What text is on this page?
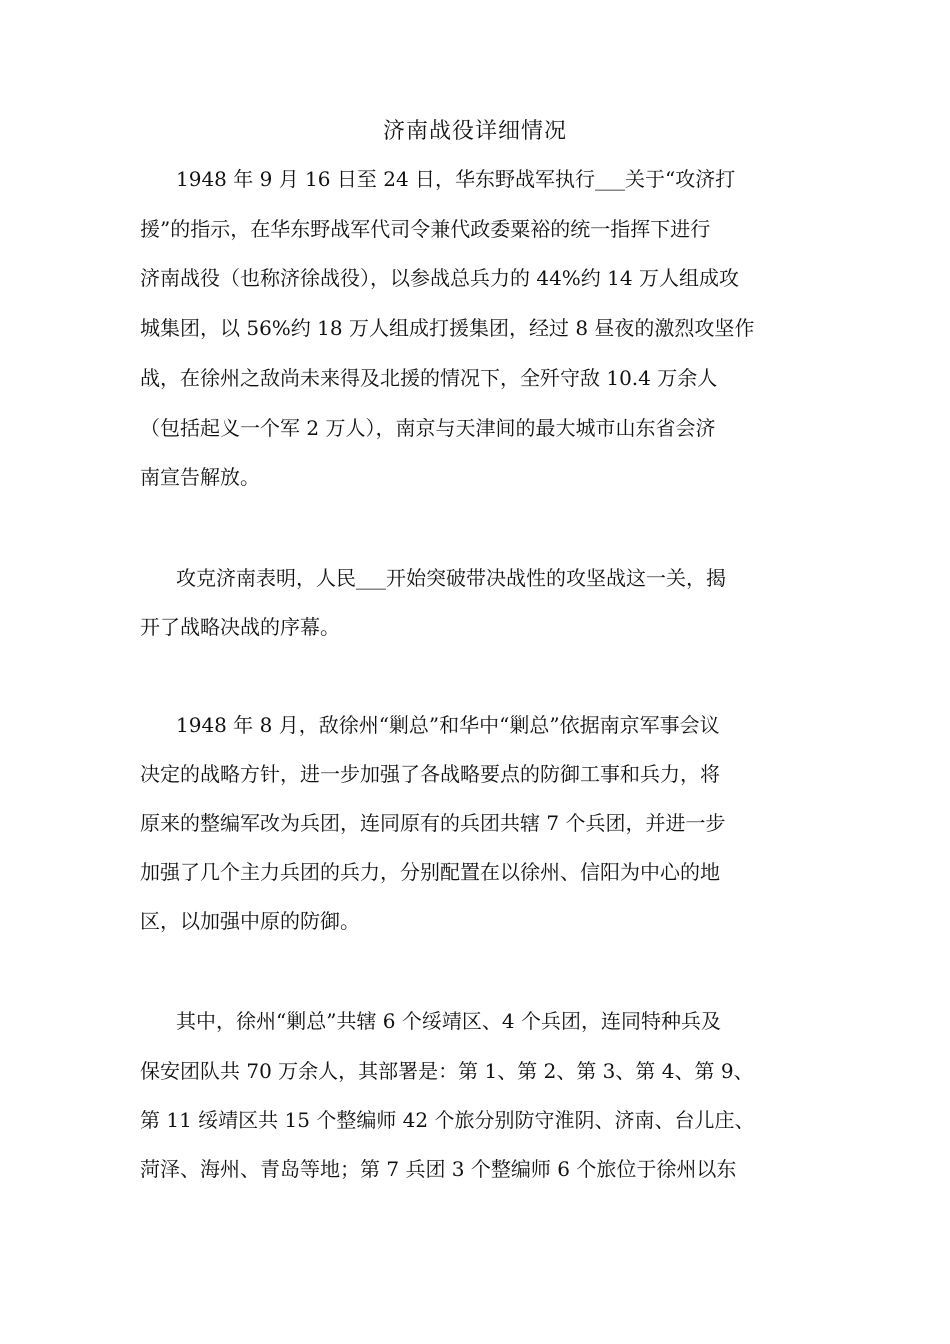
济南战役详细情况
1948 年 9 月 16 日至 24 日，华东野战军执行___关于“攻济打
援”的指示，在华东野战军代司令兼代政委粟裕的统一指挥下进行
济南战役（也称济徐战役），以参战总兵力的 44%约 14 万人组成攻
城集团，以 56%约 18 万人组成打援集团，经过 8 昼夜的激烈攻坚作
战，在徐州之敌尚未来得及北援的情况下，全歼守敌 10.4 万余人
（包括起义一个军 2 万人），南京与天津间的最大城市山东省会济
南宣告解放。
攻克济南表明，人民___开始突破带决战性的攻坚战这一关，揭
开了战略决战的序幕。
1948 年 8 月，敌徐州“剿总”和华中“剿总”依据南京军事会议
决定的战略方针，进一步加强了各战略要点的防御工事和兵力，将
原来的整编军改为兵团，连同原有的兵团共辖 7 个兵团，并进一步
加强了几个主力兵团的兵力，分别配置在以徐州、信阳为中心的地
区，以加强中原的防御。
其中，徐州“剿总”共辖 6 个绥靖区、4 个兵团，连同特种兵及
保安团队共 70 万余人，其部署是：第 1、第 2、第 3、第 4、第 9、
第 11 绥靖区共 15 个整编师 42 个旅分别防守淮阴、济南、台儿庄、
菏泽、海州、青岛等地；第 7 兵团 3 个整编师 6 个旅位于徐州以东
